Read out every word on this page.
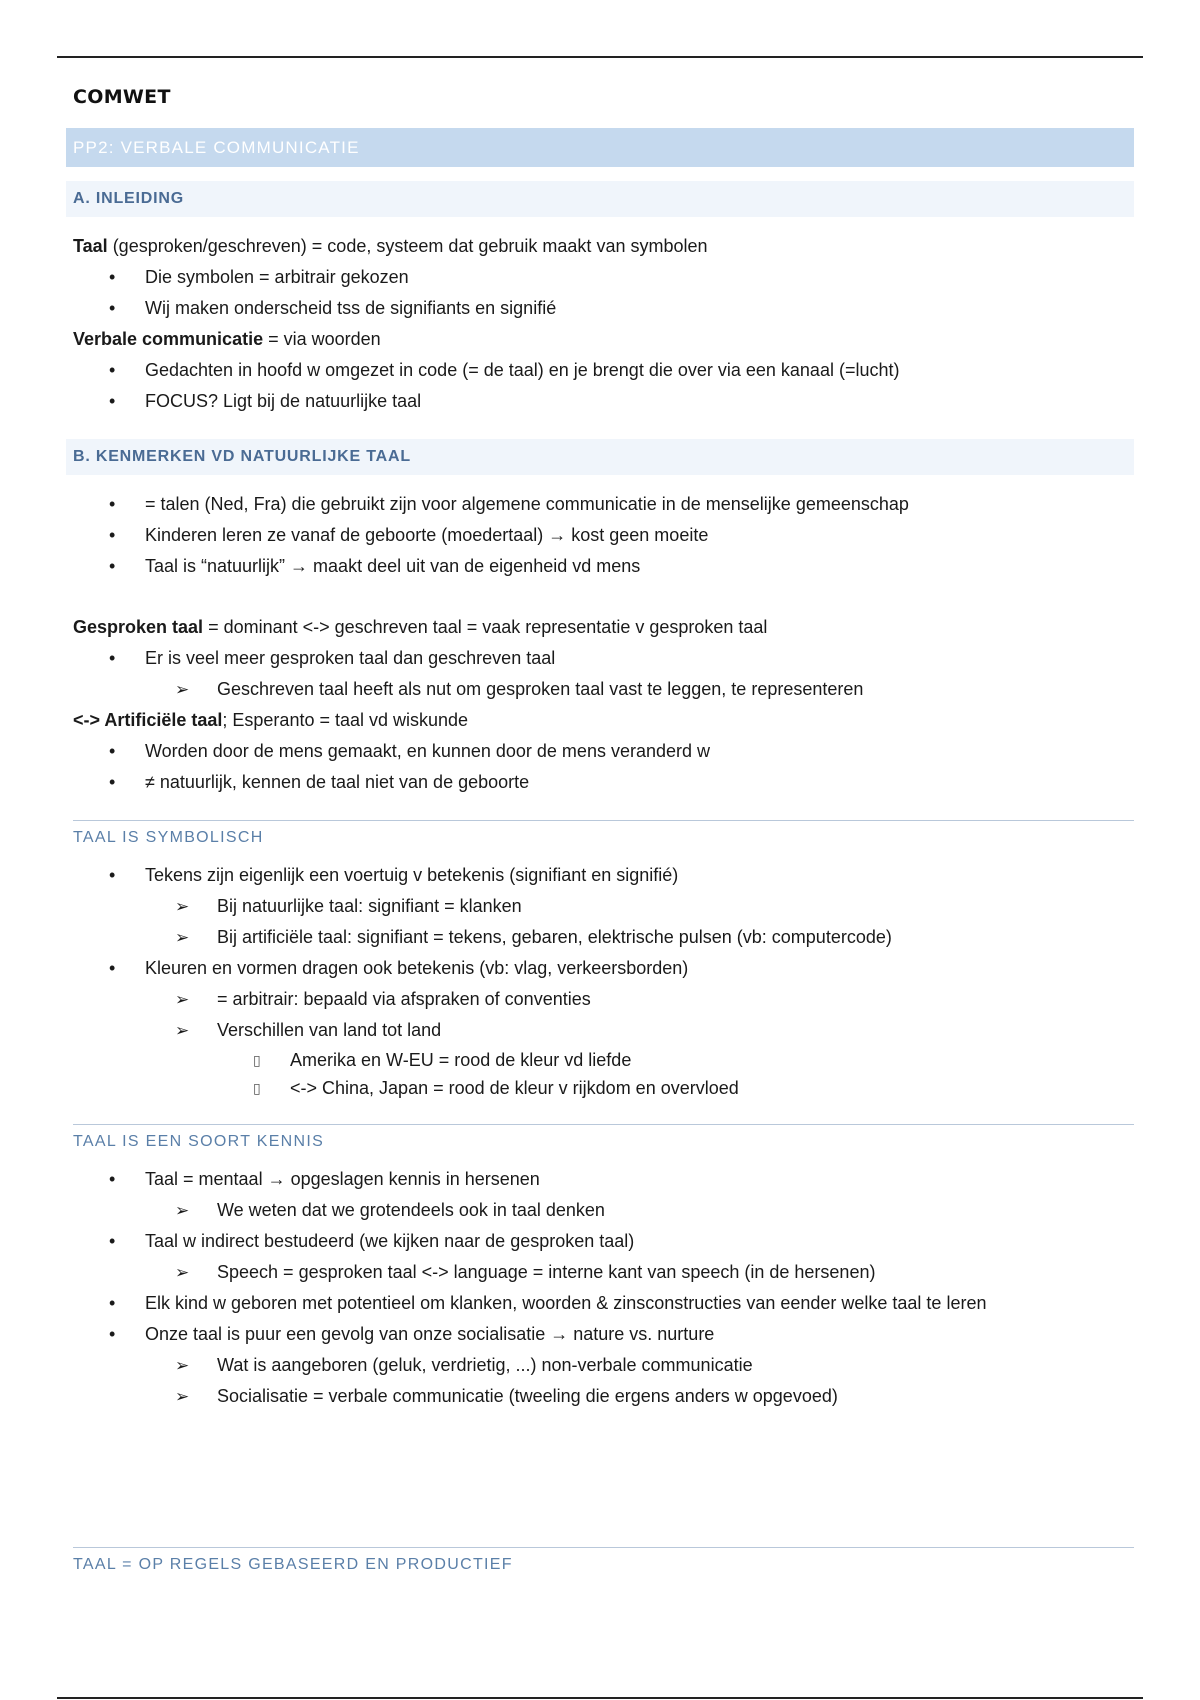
COMWET
PP2: VERBALE COMMUNICATIE
A. INLEIDING
Taal (gesproken/geschreven) = code, systeem dat gebruik maakt van symbolen
• Die symbolen = arbitrair gekozen
• Wij maken onderscheid tss de signifiants en signifié
Verbale communicatie = via woorden
• Gedachten in hoofd w omgezet in code (= de taal) en je brengt die over via een kanaal (=lucht)
• FOCUS? Ligt bij de natuurlijke taal
B. KENMERKEN VD NATUURLIJKE TAAL
• = talen (Ned, Fra) die gebruikt zijn voor algemene communicatie in de menselijke gemeenschap
• Kinderen leren ze vanaf de geboorte (moedertaal) → kost geen moeite
• Taal is “natuurlijk” → maakt deel uit van de eigenheid vd mens
Gesproken taal = dominant <-> geschreven taal = vaak representatie v gesproken taal
• Er is veel meer gesproken taal dan geschreven taal
➢ Geschreven taal heeft als nut om gesproken taal vast te leggen, te representeren
<-> Artificiële taal; Esperanto = taal vd wiskunde
• Worden door de mens gemaakt, en kunnen door de mens veranderd w
• ≠ natuurlijk, kennen de taal niet van de geboorte
TAAL IS SYMBOLISCH
• Tekens zijn eigenlijk een voertuig v betekenis (signifiant en signifié)
➢ Bij natuurlijke taal: signifiant = klanken
➢ Bij artificiële taal: signifiant = tekens, gebaren, elektrische pulsen (vb: computercode)
• Kleuren en vormen dragen ook betekenis (vb: vlag, verkeersborden)
➢ = arbitrair: bepaald via afspraken of conventies
➢ Verschillen van land tot land
▯ Amerika en W-EU = rood de kleur vd liefde
▯ <-> China, Japan = rood de kleur v rijkdom en overvloed
TAAL IS EEN SOORT KENNIS
• Taal = mentaal → opgeslagen kennis in hersenen
➢ We weten dat we grotendeels ook in taal denken
• Taal w indirect bestudeerd (we kijken naar de gesproken taal)
➢ Speech = gesproken taal <-> language = interne kant van speech (in de hersenen)
• Elk kind w geboren met potentieel om klanken, woorden & zinsconstructies van eender welke taal te leren
• Onze taal is puur een gevolg van onze socialisatie → nature vs. nurture
➢ Wat is aangeboren (geluk, verdrietig, ...) non-verbale communicatie
➢ Socialisatie = verbale communicatie (tweeling die ergens anders w opgevoed)
TAAL = OP REGELS GEBASEERD EN PRODUCTIEF
